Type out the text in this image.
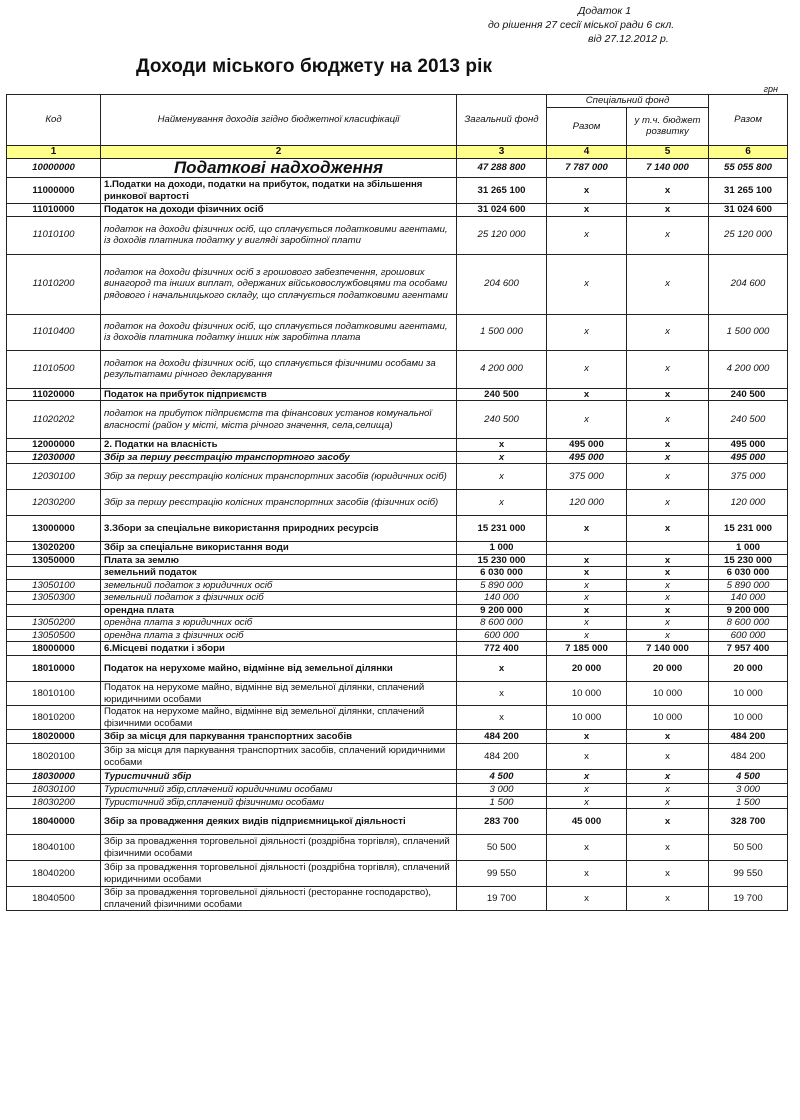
Додаток 1
до рішення 27 сесії міської ради 6 скл.
від 27.12.2012 р.
Доходи міського бюджету на 2013 рік
грн
Код	Найменування доходів згідно бюджетної класифікації	Загальний фонд	Спеціальний фонд		Разом
			Разом	у т.ч. бюджет розвитку	
1	2	3	4	5	6
10000000	Податкові надходження	47 288 800	7 787 000	7 140 000	55 055 800
11000000	1.Податки на доходи, податки на прибуток, податки на збільшення ринкової вартості	31 265 100	х	х	31 265 100
11010000	Податок на доходи фізичних осіб	31 024 600	х	х	31 024 600
11010100	податок на доходи фізичних осіб, що сплачується податковими агентами, із доходів платника податку у вигляді заробітної плати	25 120 000	х	х	25 120 000
11010200	податок на доходи фізичних осіб з грошового забезпечення, грошових винагород та інших виплат, одержаних військовослужбовцями та особами рядового і начальницького складу, що сплачується податковими агентами	204 600	х	х	204 600
11010400	податок на доходи фізичних осіб, що сплачується податковими агентами, із доходів платника податку інших ніж заробітна плата	1 500 000	х	х	1 500 000
11010500	податок на доходи фізичних осіб, що сплачується фізичними особами за результатами річного декларування	4 200 000	х	х	4 200 000
11020000	Податок на прибуток підприємств	240 500	х	х	240 500
11020202	податок на прибуток підприємств та фінансових установ комунальної власності (район у місті, міста річного значення, села,селища)	240 500	х	х	240 500
12000000	2. Податки на власність	х	495 000	х	495 000
12030000	Збір за першу реєстрацію транспортного засобу	х	495 000	х	495 000
12030100	Збір за першу реєстрацію колісних транспортних засобів (юридичних осіб)	х	375 000	х	375 000
12030200	Збір за першу реєстрацію колісних транспортних засобів (фізичних осіб)	х	120 000	х	120 000
13000000	3.Збори за спеціальне використання природних ресурсів	15 231 000	х	х	15 231 000
13020200	Збір за спеціальне використання води	1 000			1 000
13050000	Плата за землю	15 230 000	х	х	15 230 000
	земельний податок	6 030 000	х	х	6 030 000
13050100	земельний податок з юридичних осіб	5 890 000	х	х	5 890 000
13050300	земельний податок з фізичних осіб	140 000	х	х	140 000
	орендна плата	9 200 000	х	х	9 200 000
13050200	орендна плата з юридичних осіб	8 600 000	х	х	8 600 000
13050500	орендна плата з фізичних осіб	600 000	х	х	600 000
18000000	6.Місцеві податки і збори	772 400	7 185 000	7 140 000	7 957 400
18010000	Податок на нерухоме майно, відмінне від земельної ділянки	х	20 000	20 000	20 000
18010100	Податок на нерухоме майно, відмінне від земельної ділянки, сплачений юридичними особами	х	10 000	10 000	10 000
18010200	Податок на нерухоме майно, відмінне від земельної ділянки, сплачений фізичними особами	х	10 000	10 000	10 000
18020000	Збір за місця для паркування транспортних засобів	484 200	х	х	484 200
18020100	Збір за місця для паркування транспортних засобів, сплачений юридичними особами	484 200	х	х	484 200
18030000	Туристичний збір	4 500	х	х	4 500
18030100	Туристичний збір,сплачений юридичними особами	3 000	х	х	3 000
18030200	Туристичний збір,сплачений фізичними особами	1 500	х	х	1 500
18040000	Збір за провадження деяких видів підприємницької діяльності	283 700	45 000	х	328 700
18040100	Збір за провадження торговельної діяльності (роздрібна торгівля), сплачений фізичними особами	50 500	х	х	50 500
18040200	Збір за провадження торговельної діяльності (роздрібна торгівля), сплачений юридичними особами	99 550	х	х	99 550
18040500	Збір за провадження торговельної діяльності (ресторанне господарство), сплачений фізичними особами	19 700	х	х	19 700
